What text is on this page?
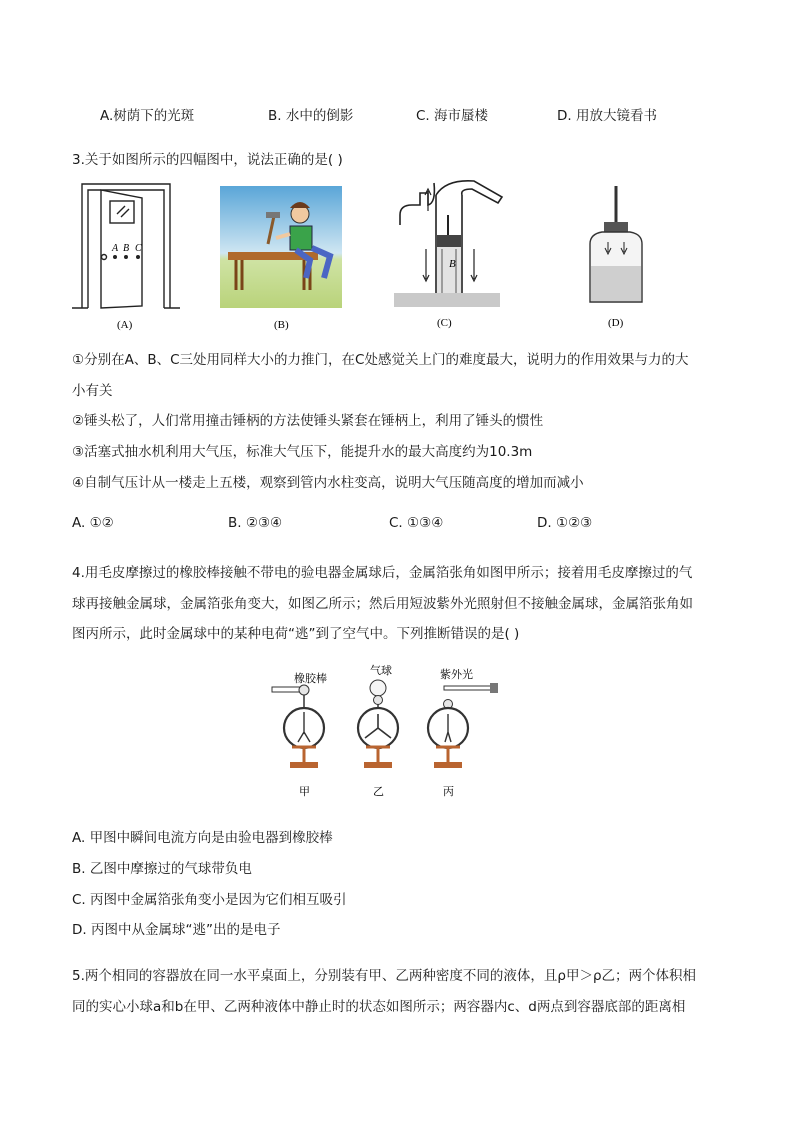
A.树荫下的光斑	B. 水中的倒影	C. 海市蜃楼	D. 用放大镜看书
3.关于如图所示的四幅图中，说法正确的是( )
A B C
(A)	(B)
B
(C)	(D)
①分别在A、B、C三处用同样大小的力推门，在C处感觉关上门的难度最大，说明力的作用效果与力的大
小有关
②锤头松了，人们常用撞击锤柄的方法使锤头紧套在锤柄上，利用了锤头的惯性
③活塞式抽水机利用大气压，标准大气压下，能提升水的最大高度约为10.3m
④自制气压计从一楼走上五楼，观察到管内水柱变高，说明大气压随高度的增加而减小
A. ①②	B. ②③④	C. ①③④	D. ①②③
4.用毛皮摩擦过的橡胶棒接触不带电的验电器金属球后，金属箔张角如图甲所示；接着用毛皮摩擦过的气
球再接触金属球，金属箔张角变大，如图乙所示；然后用短波紫外光照射但不接触金属球，金属箔张角如
图丙所示，此时金属球中的某种电荷“逃”到了空气中。下列推断错误的是( )
橡胶棒
甲
气球
乙
紫外光
丙
A. 甲图中瞬间电流方向是由验电器到橡胶棒
B. 乙图中摩擦过的气球带负电
C. 丙图中金属箔张角变小是因为它们相互吸引
D. 丙图中从金属球“逃”出的是电子
5.两个相同的容器放在同一水平桌面上，分别装有甲、乙两种密度不同的液体，且ρ甲＞ρ乙；两个体积相
同的实心小球a和b在甲、乙两种液体中静止时的状态如图所示；两容器内c、d两点到容器底部的距离相
